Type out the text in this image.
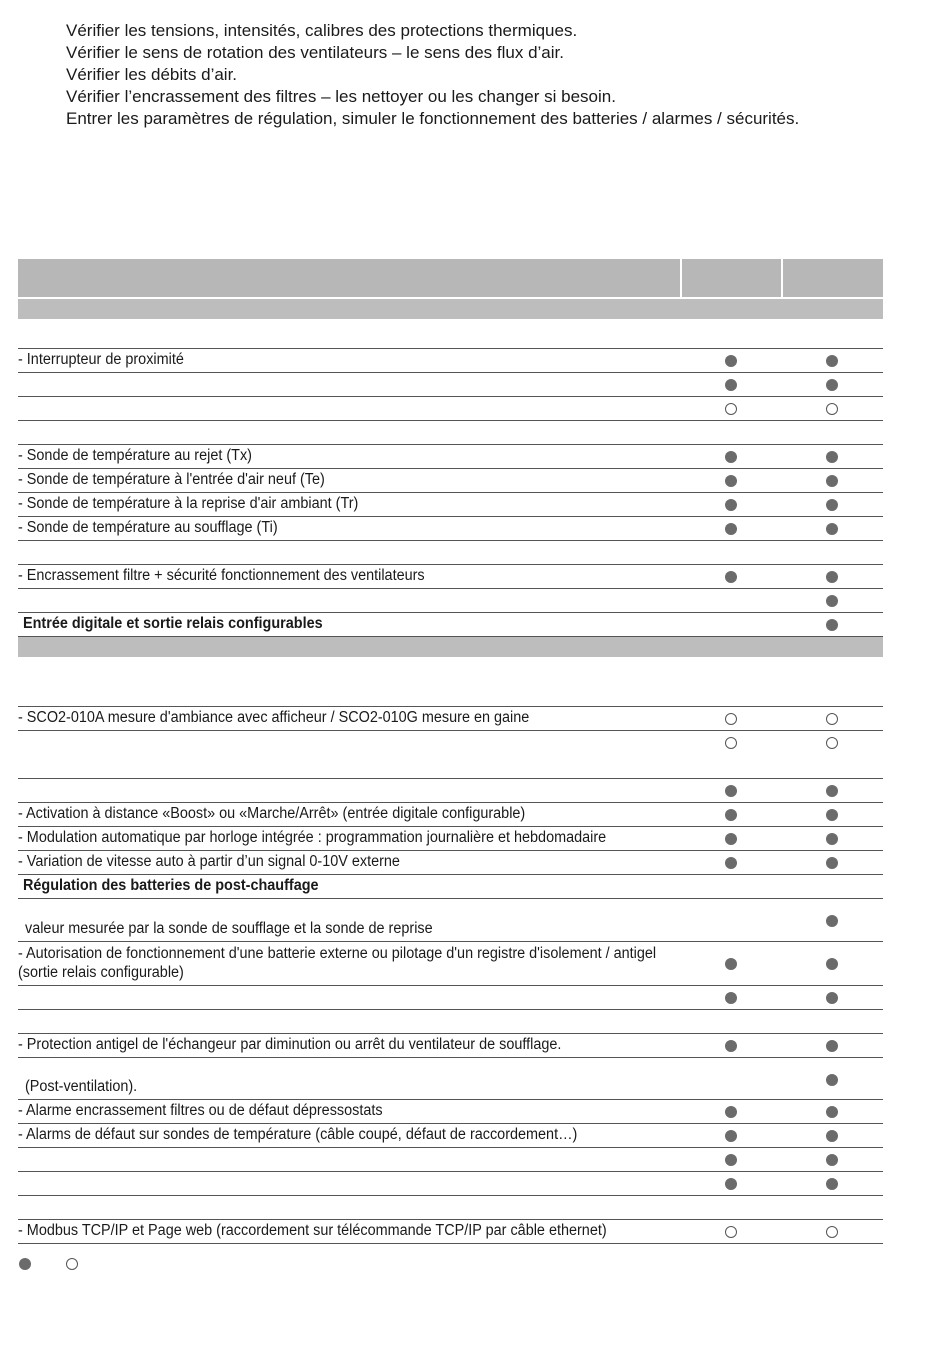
Vérifier les tensions, intensités, calibres des protections thermiques.
Vérifier le sens de rotation des ventilateurs – le sens des flux d’air.
Vérifier les débits d’air.
Vérifier l’encrassement des filtres – les nettoyer ou les changer si besoin.
Entrer les paramètres de régulation, simuler le fonctionnement des batteries / alarmes / sécurités.
- Interrupteur de proximité
- Sonde de température au rejet (Tx)
- Sonde de température à l'entrée d'air neuf (Te)
- Sonde de température à la reprise d'air ambiant (Tr)
- Sonde de température au soufflage (Ti)
- Encrassement filtre + sécurité fonctionnement des ventilateurs
Entrée digitale et sortie relais configurables
- SCO2-010A mesure d'ambiance avec afficheur / SCO2-010G mesure en gaine
- Activation à distance «Boost» ou «Marche/Arrêt» (entrée digitale configurable)
- Modulation automatique par horloge intégrée : programmation journalière et hebdomadaire
- Variation de vitesse auto à partir d’un signal 0-10V externe
Régulation des batteries de post-chauffage
valeur mesurée par la sonde de soufflage et la sonde de reprise
- Autorisation de fonctionnement d'une batterie externe ou pilotage d'un registre d'isolement / antigel (sortie relais configurable)
- Protection antigel de l'échangeur par diminution ou arrêt du ventilateur de soufflage.
(Post-ventilation).
- Alarme encrassement filtres ou de défaut dépressostats
- Alarms de défaut sur sondes de température (câble coupé, défaut de raccordement…)
- Modbus TCP/IP et Page web (raccordement sur télécommande TCP/IP par câble ethernet)
